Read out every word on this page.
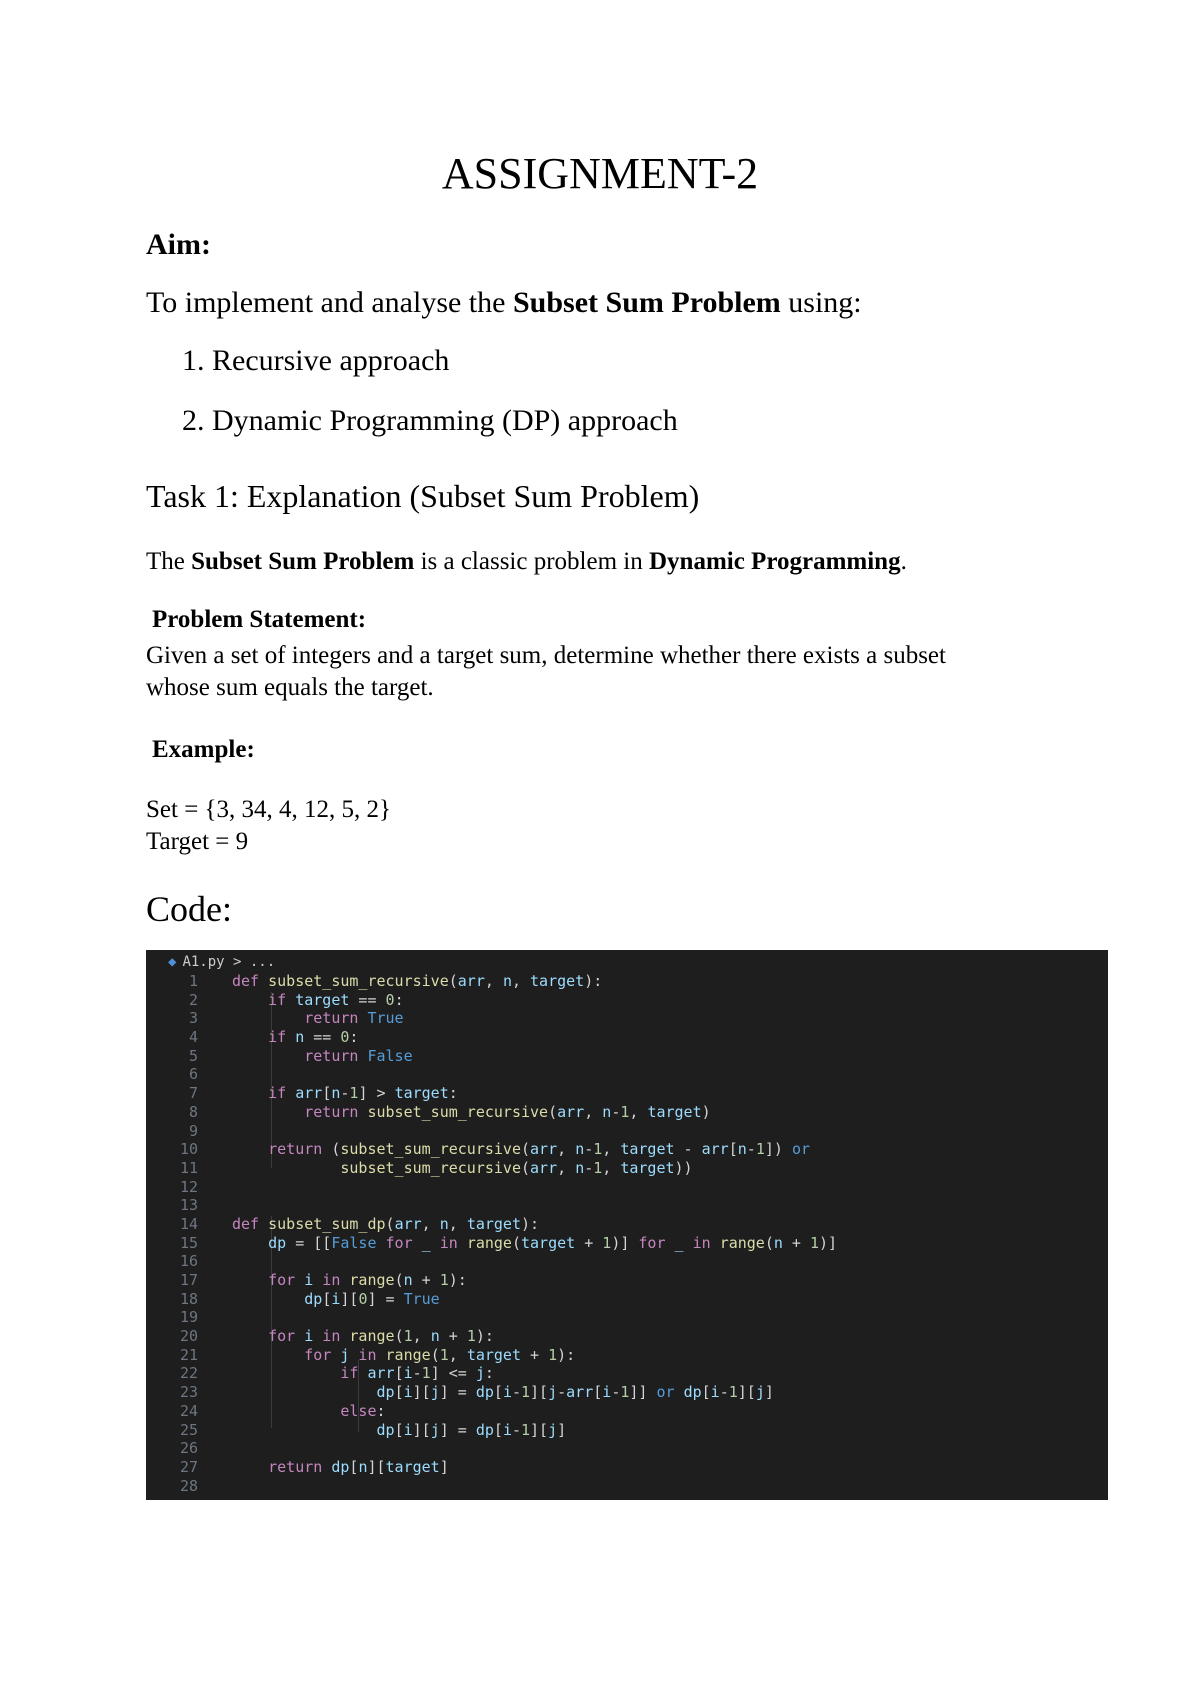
ASSIGNMENT-2
Aim:
To implement and analyse the Subset Sum Problem using:
1. Recursive approach
2. Dynamic Programming (DP) approach
Task 1: Explanation (Subset Sum Problem)
The Subset Sum Problem is a classic problem in Dynamic Programming.
Problem Statement:
Given a set of integers and a target sum, determine whether there exists a subset
whose sum equals the target.
Example:
Set = {3, 34, 4, 12, 5, 2}
Target = 9
Code:
◆ A1.py > ...
1 def subset_sum_recursive(arr, n, target):
2 if target == 0:
3 return True
4 if n == 0:
5 return False
6
7 if arr[n-1] > target:
8 return subset_sum_recursive(arr, n-1, target)
9
10 return (subset_sum_recursive(arr, n-1, target - arr[n-1]) or
11	subset_sum_recursive(arr, n-1, target))
12
13
14 def subset_sum_dp(arr, n, target):
15 dp = [[False for _ in range(target + 1)] for _ in range(n + 1)]
16
17 for i in range(n + 1):
18 dp[i][0] = True
19
20 for i in range(1, n + 1):
21 for j in range(1, target + 1):
22 if arr[i-1] <= j:
23 dp[i][j] = dp[i-1][j-arr[i-1]] or dp[i-1][j]
24 else:
25 dp[i][j] = dp[i-1][j]
26
27 return dp[n][target]
28
